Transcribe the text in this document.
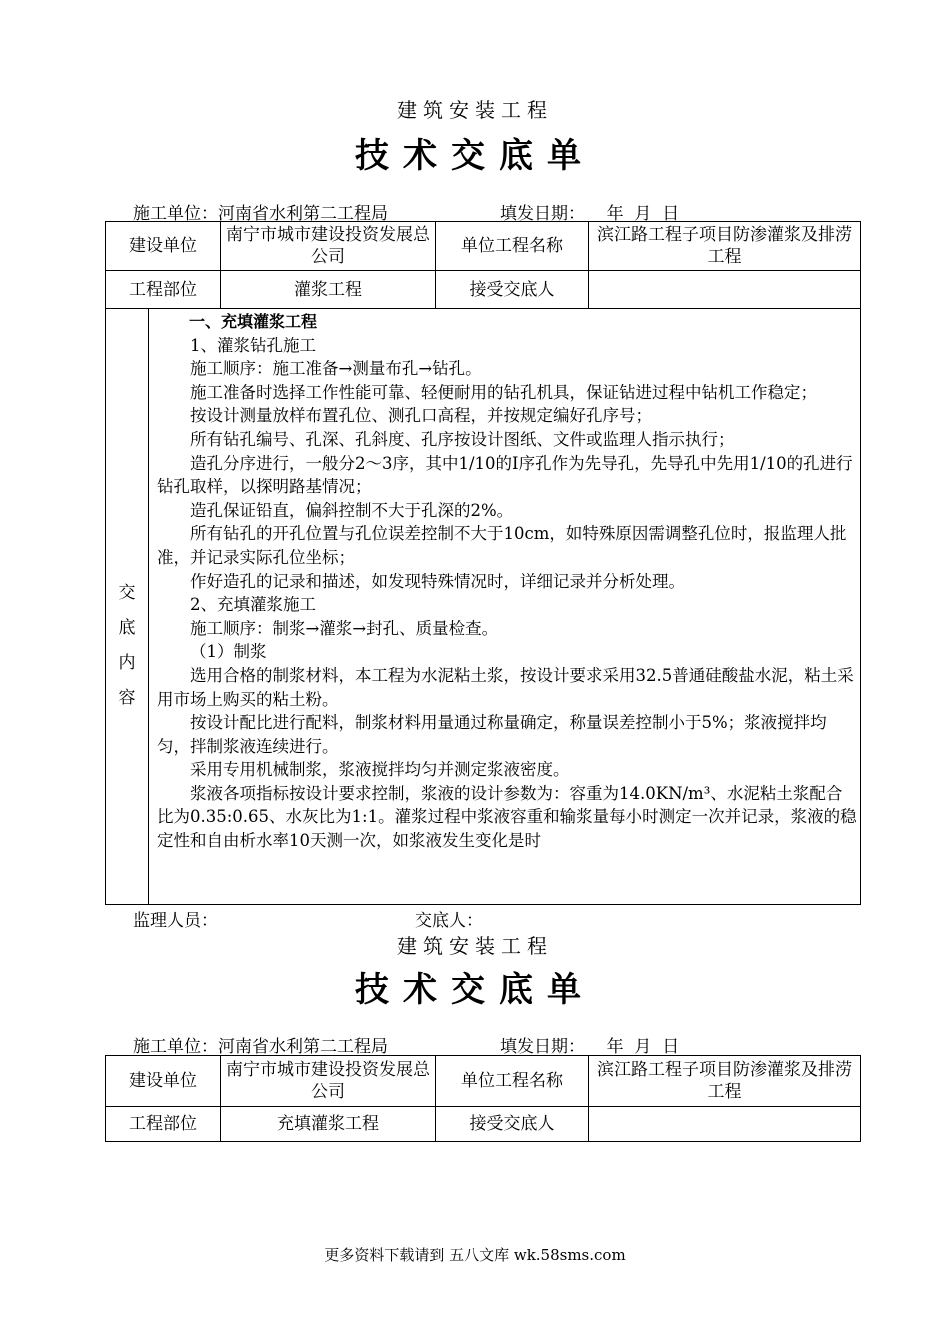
建筑安装工程
技术交底单
施工单位：河南省水利第二工程局	填发日期：    年  月  日
建设单位	南宁市城市建设投资发展总公司	单位工程名称	滨江路工程子项目防渗灌浆及排涝工程
工程部位	灌浆工程	接受交底人	
交
底
内
容

一、充填灌浆工程

1、灌浆钻孔施工

施工顺序：施工准备→测量布孔→钻孔。

施工准备时选择工作性能可靠、轻便耐用的钻孔机具，保证钻进过程中钻机工作稳定；

按设计测量放样布置孔位、测孔口高程，并按规定编好孔序号；

所有钻孔编号、孔深、孔斜度、孔序按设计图纸、文件或监理人指示执行；

造孔分序进行，一般分2～3序，其中1/10的Ⅰ序孔作为先导孔，先导孔中先用1/10的孔进行钻孔取样，以探明路基情况；

造孔保证铅直，偏斜控制不大于孔深的2%。

所有钻孔的开孔位置与孔位误差控制不大于10cm，如特殊原因需调整孔位时，报监理人批准，并记录实际孔位坐标；

作好造孔的记录和描述，如发现特殊情况时，详细记录并分析处理。

2、充填灌浆施工

施工顺序：制浆→灌浆→封孔、质量检查。

（1）制浆

选用合格的制浆材料，本工程为水泥粘土浆，按设计要求采用32.5普通硅酸盐水泥，粘土采用市场上购买的粘土粉。

按设计配比进行配料，制浆材料用量通过称量确定，称量误差控制小于5%；浆液搅拌均匀，拌制浆液连续进行。

采用专用机械制浆，浆液搅拌均匀并测定浆液密度。

浆液各项指标按设计要求控制，浆液的设计参数为：容重为14.0KN/m³、水泥粘土浆配合比为0.35:0.65、水灰比为1:1。灌浆过程中浆液容重和输浆量每小时测定一次并记录，浆液的稳定性和自由析水率10天测一次，如浆液发生变化是时

监理人员：	交底人：
建筑安装工程
技术交底单
施工单位：河南省水利第二工程局	填发日期：    年  月  日
建设单位	南宁市城市建设投资发展总公司	单位工程名称	滨江路工程子项目防渗灌浆及排涝工程
工程部位	充填灌浆工程	接受交底人	
更多资料下载请到 五八文库 wk.58sms.com
